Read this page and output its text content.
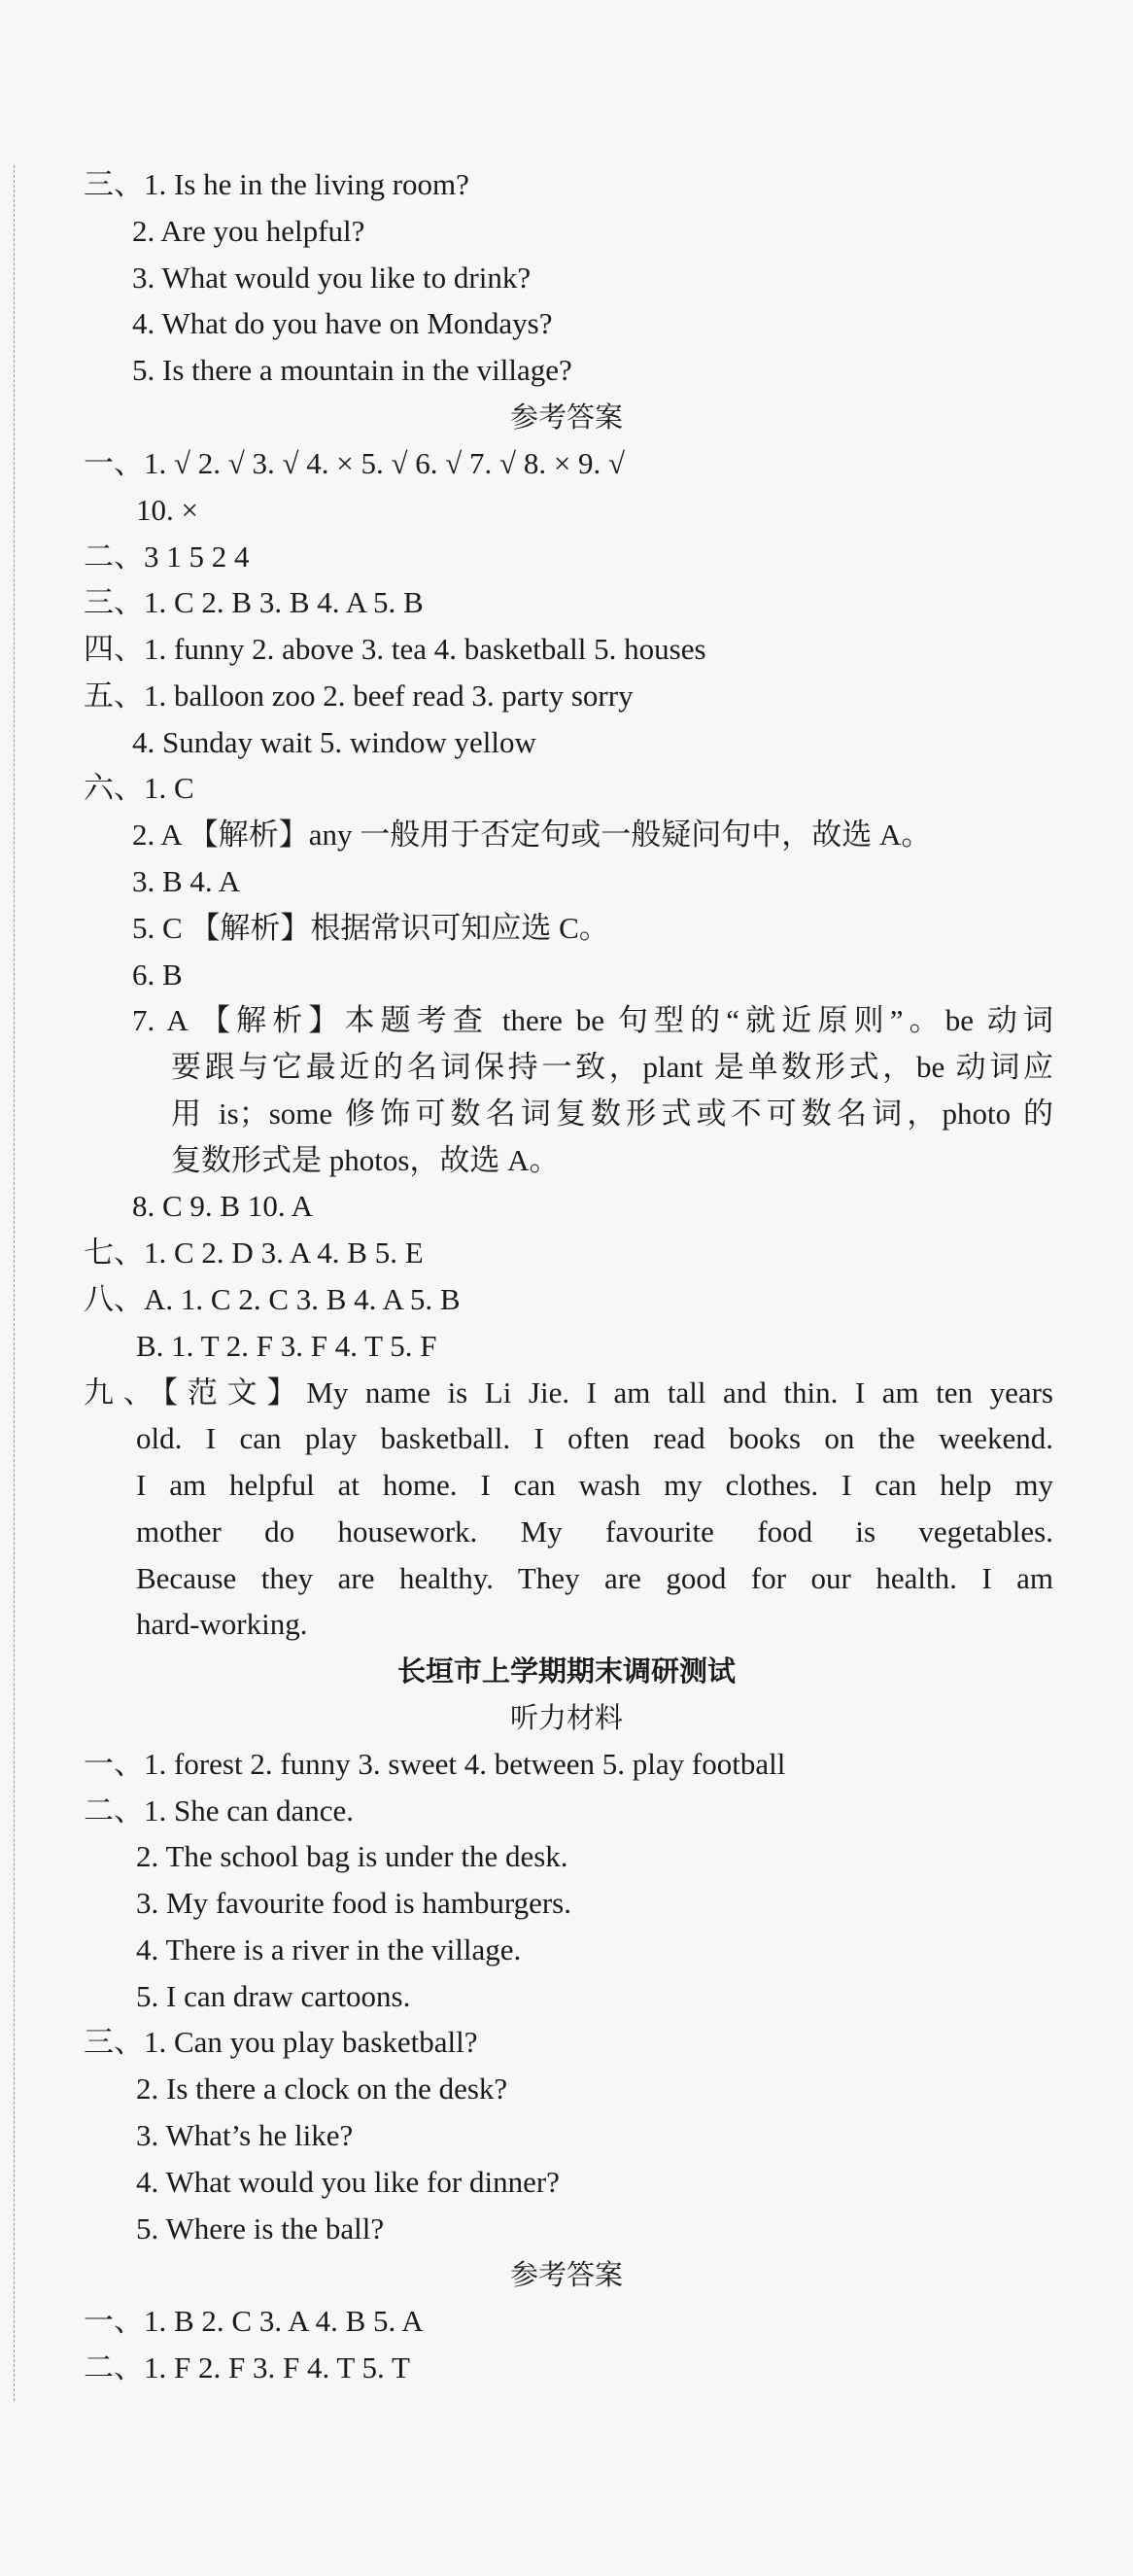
三、1. Is he in the living room?
2. Are you helpful?
3. What would you like to drink?
4. What do you have on Mondays?
5. Is there a mountain in the village?
参考答案
一、1. √ 2. √ 3. √ 4. × 5. √ 6. √ 7. √ 8. × 9. √
10. ×
二、3 1 5 2 4
三、1. C 2. B 3. B 4. A 5. B
四、1. funny 2. above 3. tea 4. basketball 5. houses
五、1. balloon zoo 2. beef read 3. party sorry
4. Sunday wait 5. window yellow
六、1. C
2. A 【解析】any 一般用于否定句或一般疑问句中，故选 A。
3. B 4. A
5. C 【解析】根据常识可知应选 C。
6. B
7. A 【解析】本题考查 there be 句型的“就近原则”。be 动词
要跟与它最近的名词保持一致，plant 是单数形式，be 动词应
用 is；some 修饰可数名词复数形式或不可数名词，photo 的
复数形式是 photos，故选 A。
8. C 9. B 10. A
七、1. C 2. D 3. A 4. B 5. E
八、A. 1. C 2. C 3. B 4. A 5. B
B. 1. T 2. F 3. F 4. T 5. F
九、【范文】My name is Li Jie. I am tall and thin. I am ten years
old. I can play basketball. I often read books on the weekend.
I am helpful at home. I can wash my clothes. I can help my
mother do housework. My favourite food is vegetables.
Because they are healthy. They are good for our health. I am
hard-working.
长垣市上学期期末调研测试
听力材料
一、1. forest 2. funny 3. sweet 4. between 5. play football
二、1. She can dance.
2. The school bag is under the desk.
3. My favourite food is hamburgers.
4. There is a river in the village.
5. I can draw cartoons.
三、1. Can you play basketball?
2. Is there a clock on the desk?
3. What’s he like?
4. What would you like for dinner?
5. Where is the ball?
参考答案
一、1. B 2. C 3. A 4. B 5. A
二、1. F 2. F 3. F 4. T 5. T
